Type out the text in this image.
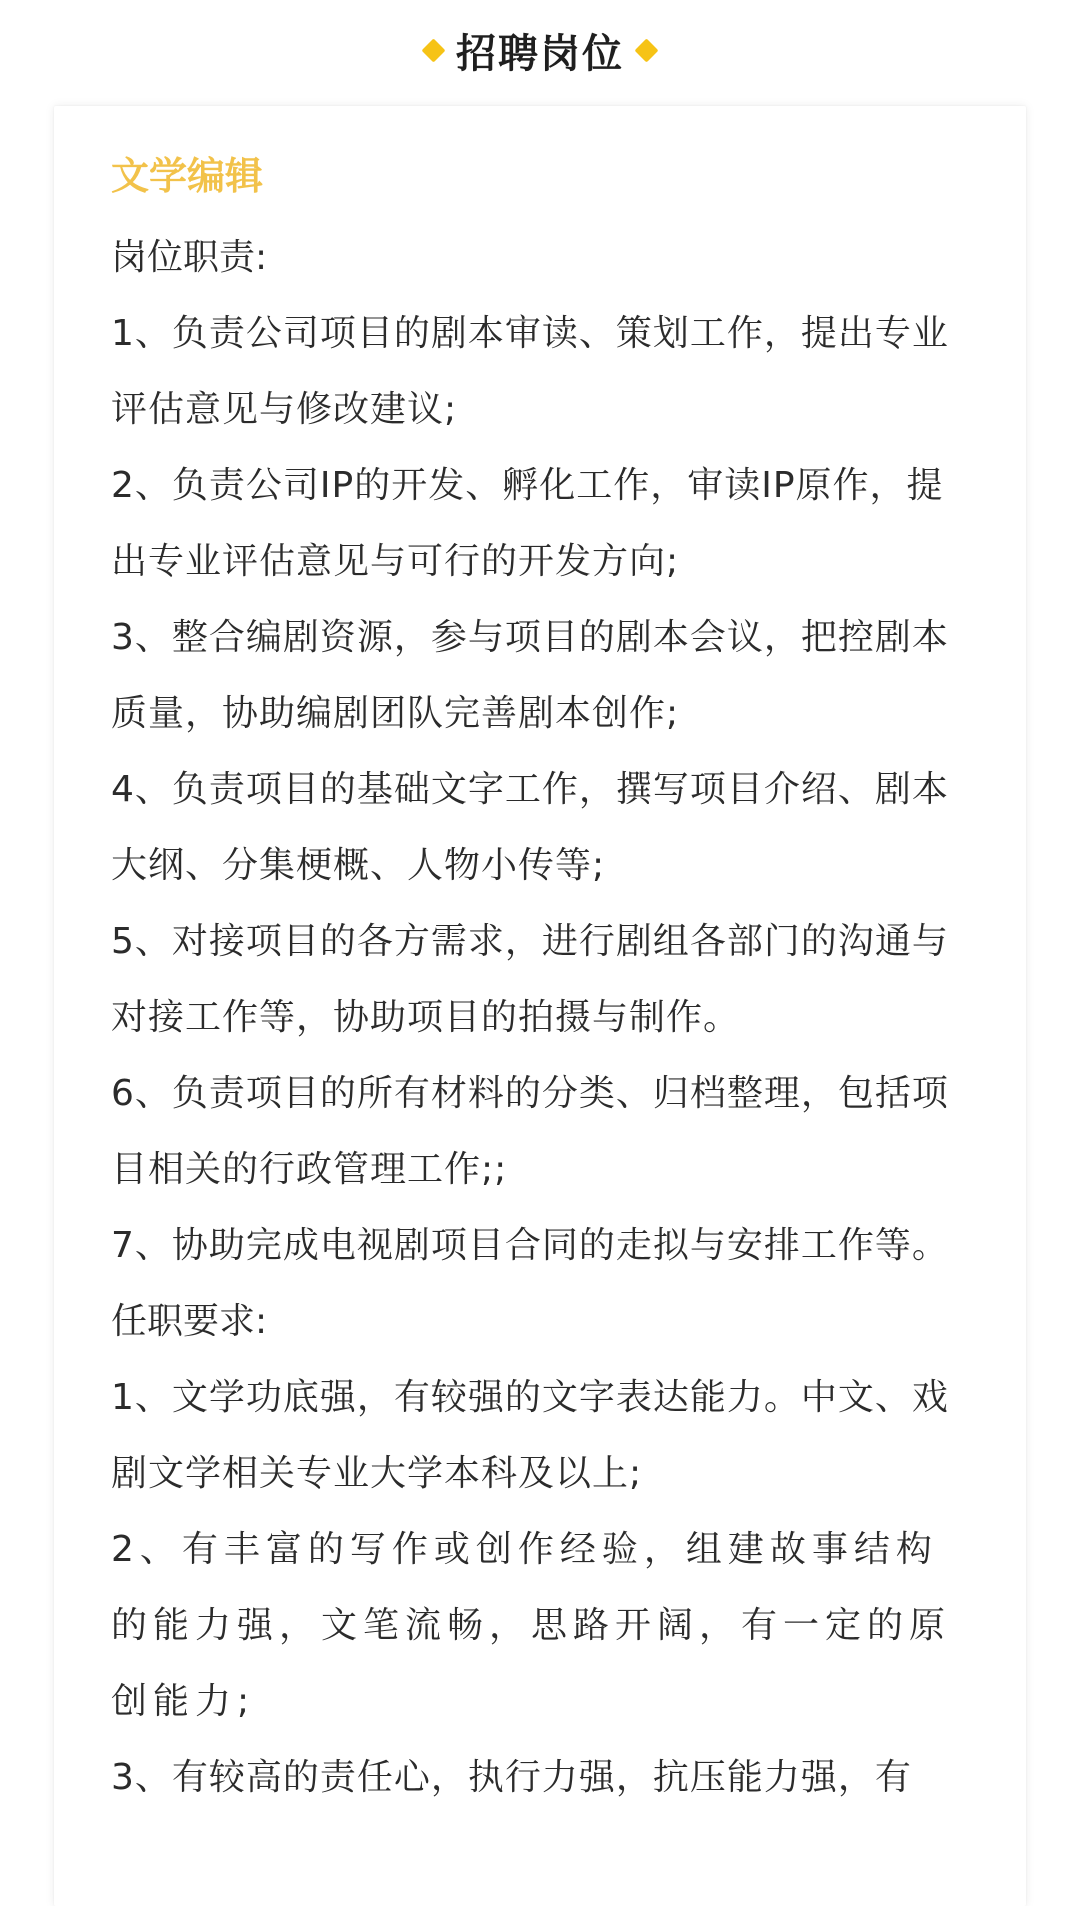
招聘岗位
文学编辑
岗位职责:
1、负责公司项目的剧本审读、策划工作，提出专业评估意见与修改建议;
2、负责公司IP的开发、孵化工作，审读IP原作，提出专业评估意见与可行的开发方向;
3、整合编剧资源，参与项目的剧本会议，把控剧本质量，协助编剧团队完善剧本创作;
4、负责项目的基础文字工作，撰写项目介绍、剧本大纲、分集梗概、人物小传等;
5、对接项目的各方需求，进行剧组各部门的沟通与对接工作等，协助项目的拍摄与制作。
6、负责项目的所有材料的分类、归档整理，包括项目相关的行政管理工作;;
7、协助完成电视剧项目合同的走拟与安排工作等。
任职要求:
1、文学功底强，有较强的文字表达能力。中文、戏剧文学相关专业大学本科及以上;
2、有丰富的写作或创作经验，组建故事结构的能力强，文笔流畅，思路开阔，有一定的原创能力;
3、有较高的责任心，执行力强，抗压能力强，有
